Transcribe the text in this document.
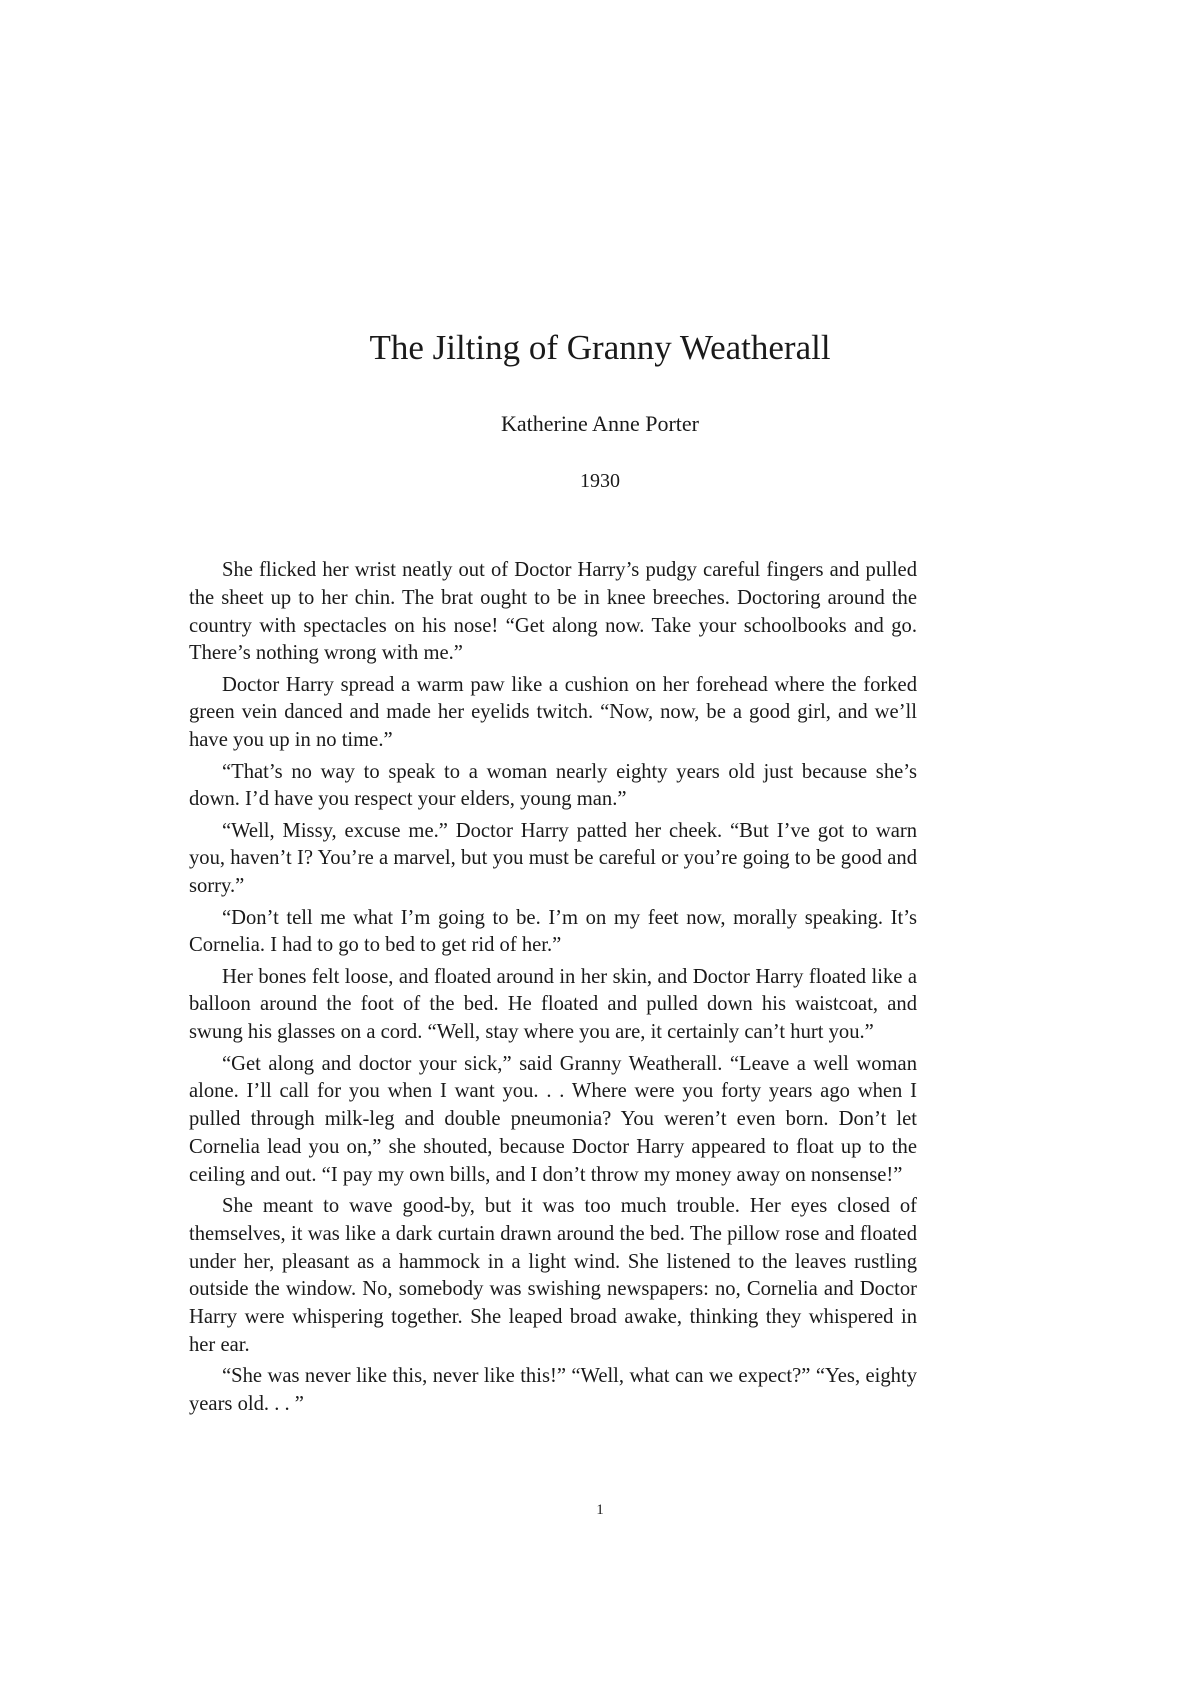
The Jilting of Granny Weatherall
Katherine Anne Porter
1930

She flicked her wrist neatly out of Doctor Harry’s pudgy careful fingers and pulled the sheet up to her chin. The brat ought to be in knee breeches. Doctoring around the country with spectacles on his nose! “Get along now. Take your schoolbooks and go. There’s nothing wrong with me.”

Doctor Harry spread a warm paw like a cushion on her forehead where the forked green vein danced and made her eyelids twitch. “Now, now, be a good girl, and we’ll have you up in no time.”

“That’s no way to speak to a woman nearly eighty years old just because she’s down. I’d have you respect your elders, young man.”

“Well, Missy, excuse me.” Doctor Harry patted her cheek. “But I’ve got to warn you, haven’t I? You’re a marvel, but you must be careful or you’re going to be good and sorry.”

“Don’t tell me what I’m going to be. I’m on my feet now, morally speaking. It’s Cornelia. I had to go to bed to get rid of her.”

Her bones felt loose, and floated around in her skin, and Doctor Harry floated like a balloon around the foot of the bed. He floated and pulled down his waistcoat, and swung his glasses on a cord. “Well, stay where you are, it certainly can’t hurt you.”

“Get along and doctor your sick,” said Granny Weatherall. “Leave a well woman alone. I’ll call for you when I want you. . . Where were you forty years ago when I pulled through milk-leg and double pneumonia? You weren’t even born. Don’t let Cornelia lead you on,” she shouted, because Doctor Harry appeared to float up to the ceiling and out. “I pay my own bills, and I don’t throw my money away on nonsense!”

She meant to wave good-by, but it was too much trouble. Her eyes closed of themselves, it was like a dark curtain drawn around the bed. The pillow rose and floated under her, pleasant as a hammock in a light wind. She listened to the leaves rustling outside the window. No, somebody was swishing newspapers: no, Cornelia and Doctor Harry were whispering together. She leaped broad awake, thinking they whispered in her ear.

“She was never like this, never like this!” “Well, what can we expect?” “Yes, eighty years old. . . ”

1
